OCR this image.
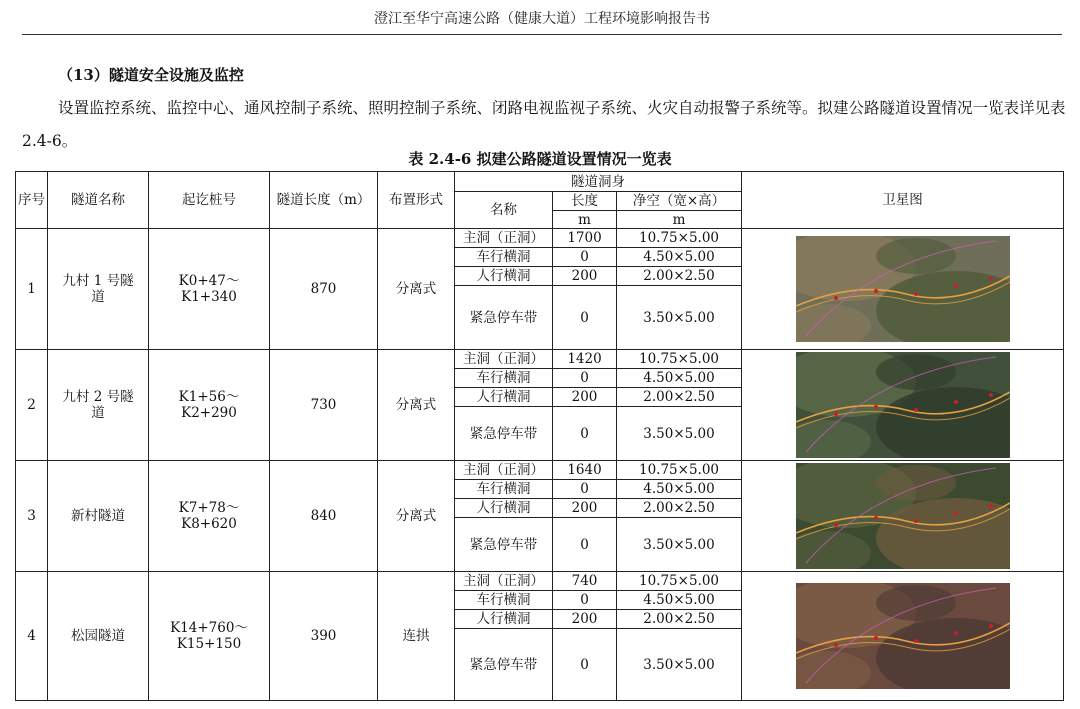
澄江至华宁高速公路（健康大道）工程环境影响报告书
（13）隧道安全设施及监控
设置监控系统、监控中心、通风控制子系统、照明控制子系统、闭路电视监视子系统、火灾自动报警子系统等。拟建公路隧道设置情况一览表详见表 2.4-6。
表 2.4-6 拟建公路隧道设置情况一览表
序号	隧道名称	起讫桩号	隧道长度（m）	布置形式	隧道洞身			卫星图
					名称	长度	净空（宽×高）	
						m	m	
1	九村 1 号隧道	K0+47～K1+340	870	分离式	主洞（正洞）	1700	10.75×5.00	

					车行横洞	0	4.50×5.00	
					人行横洞	200	2.00×2.50	
					紧急停车带	0	3.50×5.00	
2	九村 2 号隧道	K1+56～K2+290	730	分离式	主洞（正洞）	1420	10.75×5.00	

					车行横洞	0	4.50×5.00	
					人行横洞	200	2.00×2.50	
					紧急停车带	0	3.50×5.00	
3	新村隧道	K7+78～K8+620	840	分离式	主洞（正洞）	1640	10.75×5.00	

					车行横洞	0	4.50×5.00	
					人行横洞	200	2.00×2.50	
					紧急停车带	0	3.50×5.00	
4	松园隧道	K14+760～K15+150	390	连拱	主洞（正洞）	740	10.75×5.00	

					车行横洞	0	4.50×5.00	
					人行横洞	200	2.00×2.50	
					紧急停车带	0	3.50×5.00	
